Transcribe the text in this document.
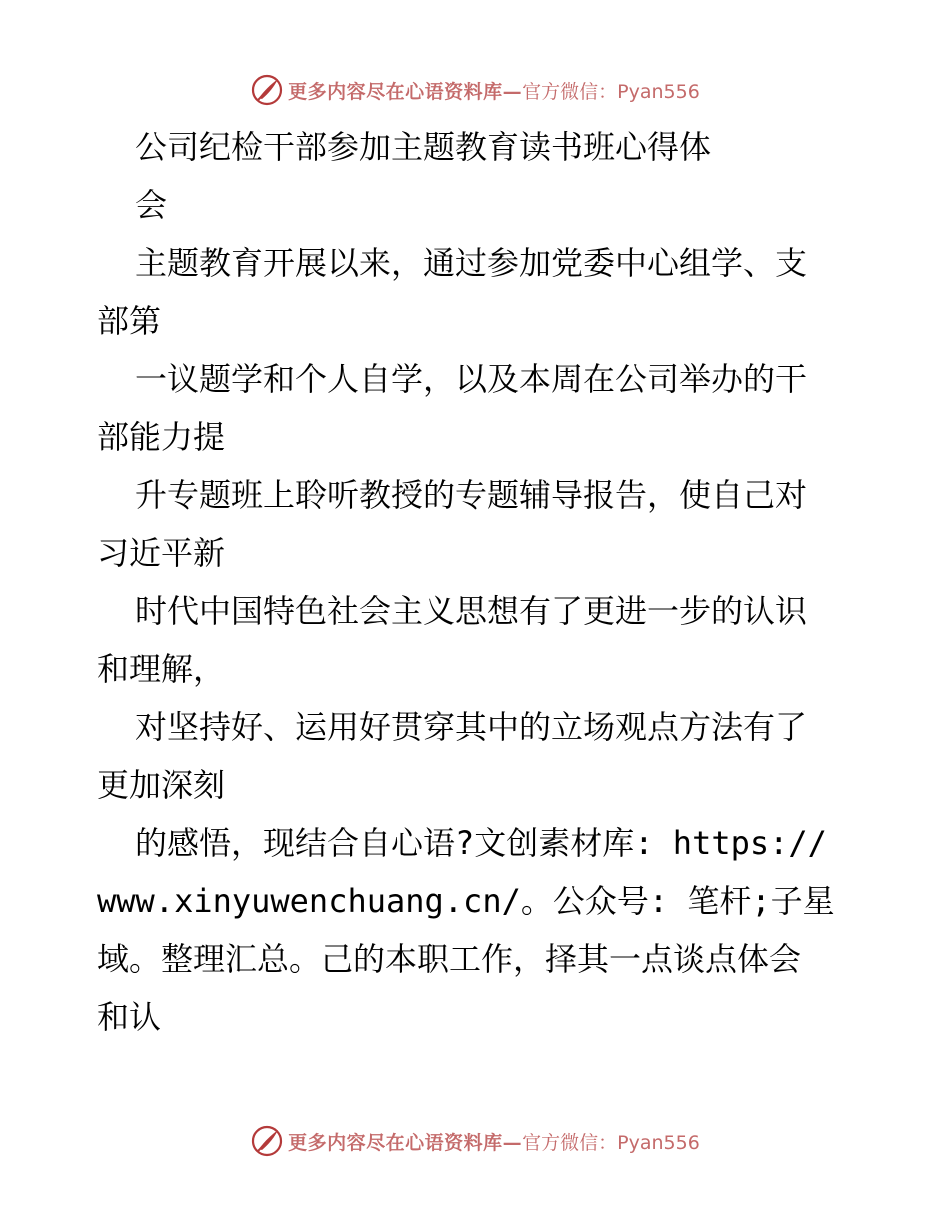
更多内容尽在心语资料库— 官方微信：Pyan556
公司纪检干部参加主题教育读书班心得体
会
主题教育开展以来，通过参加党委中心组学、支
部第
一议题学和个人自学，以及本周在公司举办的干
部能力提
升专题班上聆听教授的专题辅导报告，使自己对
习近平新
时代中国特色社会主义思想有了更进一步的认识
和理解，
对坚持好、运用好贯穿其中的立场观点方法有了
更加深刻
的感悟，现结合自心语?文创素材库: https://
www.xinyuwenchuang.cn/。公众号: 笔杆;子星
域。整理汇总。己的本职工作，择其一点谈点体会
和认
更多内容尽在心语资料库— 官方微信：Pyan556
